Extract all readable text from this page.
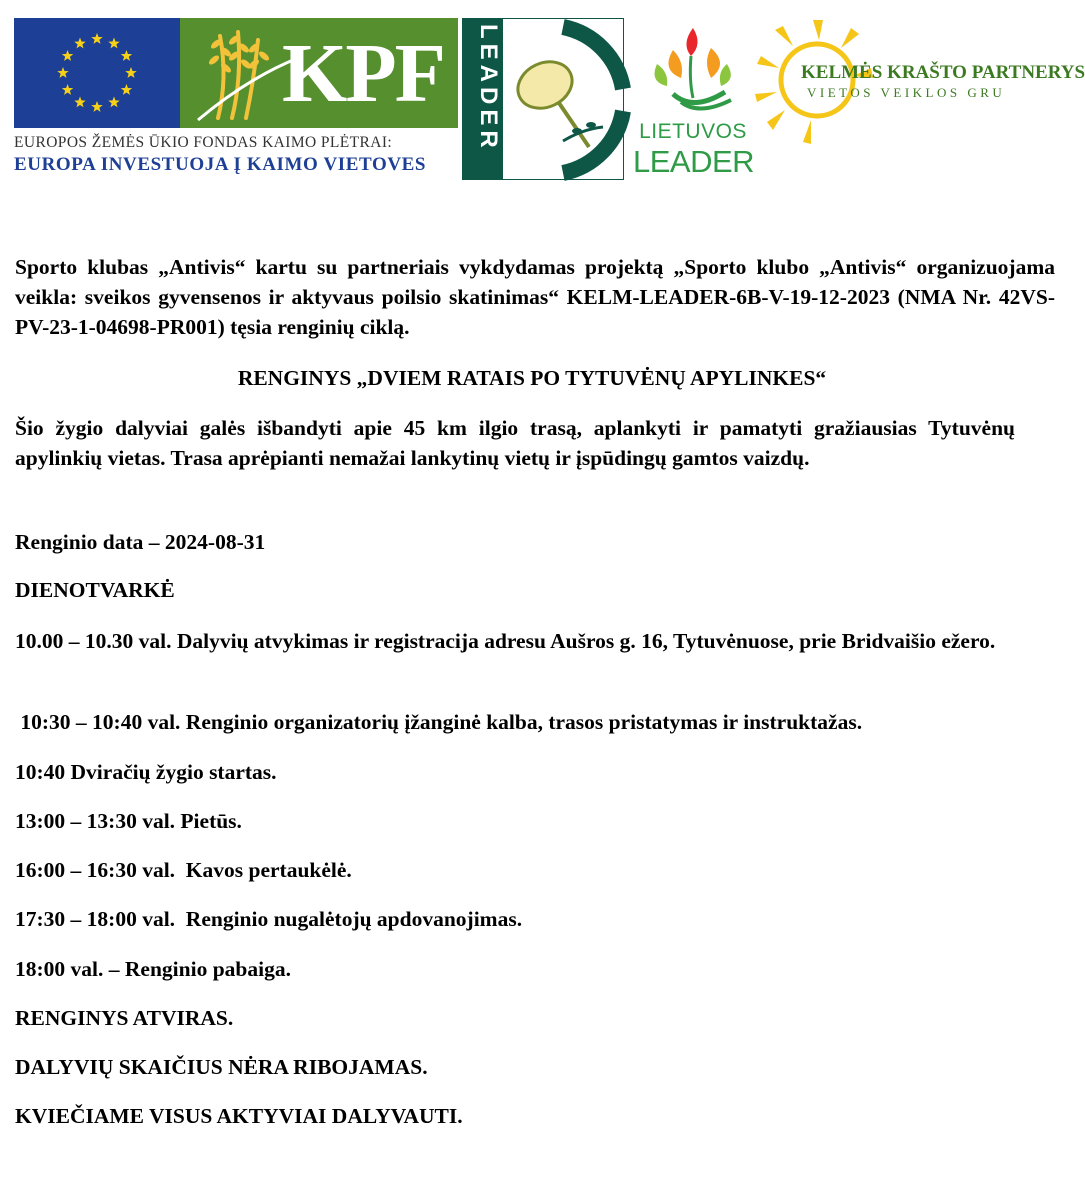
KPF
EUROPOS ŽEMĖS ŪKIO FONDAS KAIMO PLĖTRAI:
EUROPA INVESTUOJA Į KAIMO VIETOVES
LEADER	LIETUVOS
LEADER
KELMĖS KRAŠTO PARTNERYS
VIETOS VEIKLOS GRU

Sporto klubas „Antivis“ kartu su partneriais vykdydamas projektą „Sporto klubo „Antivis“ organizuojama veikla: sveikos gyvensenos ir aktyvaus poilsio skatinimas“ KELM-LEADER-6B-V-19-12-2023 (NMA Nr. 42VS-PV-23-1-04698-PR001) tęsia renginių ciklą.

RENGINYS „DVIEM RATAIS PO TYTUVĖNŲ APYLINKES“

Šio žygio dalyviai galės išbandyti apie 45 km ilgio trasą, aplankyti ir pamatyti gražiausias Tytuvėnų apylinkių vietas. Trasa aprėpianti nemažai lankytinų vietų ir įspūdingų gamtos vaizdų.

Renginio data – 2024-08-31

DIENOTVARKĖ

10.00 – 10.30 val. Dalyvių atvykimas ir registracija adresu Aušros g. 16, Tytuvėnuose, prie Bridvaišio ežero.

10:30 – 10:40 val. Renginio organizatorių įžanginė kalba, trasos pristatymas ir instruktažas.

10:40 Dviračių žygio startas.

13:00 – 13:30 val. Pietūs.

16:00 – 16:30 val.  Kavos pertaukėlė.

17:30 – 18:00 val.  Renginio nugalėtojų apdovanojimas.

18:00 val. – Renginio pabaiga.

RENGINYS ATVIRAS.

DALYVIŲ SKAIČIUS NĖRA RIBOJAMAS.

KVIEČIAME VISUS AKTYVIAI DALYVAUTI.
